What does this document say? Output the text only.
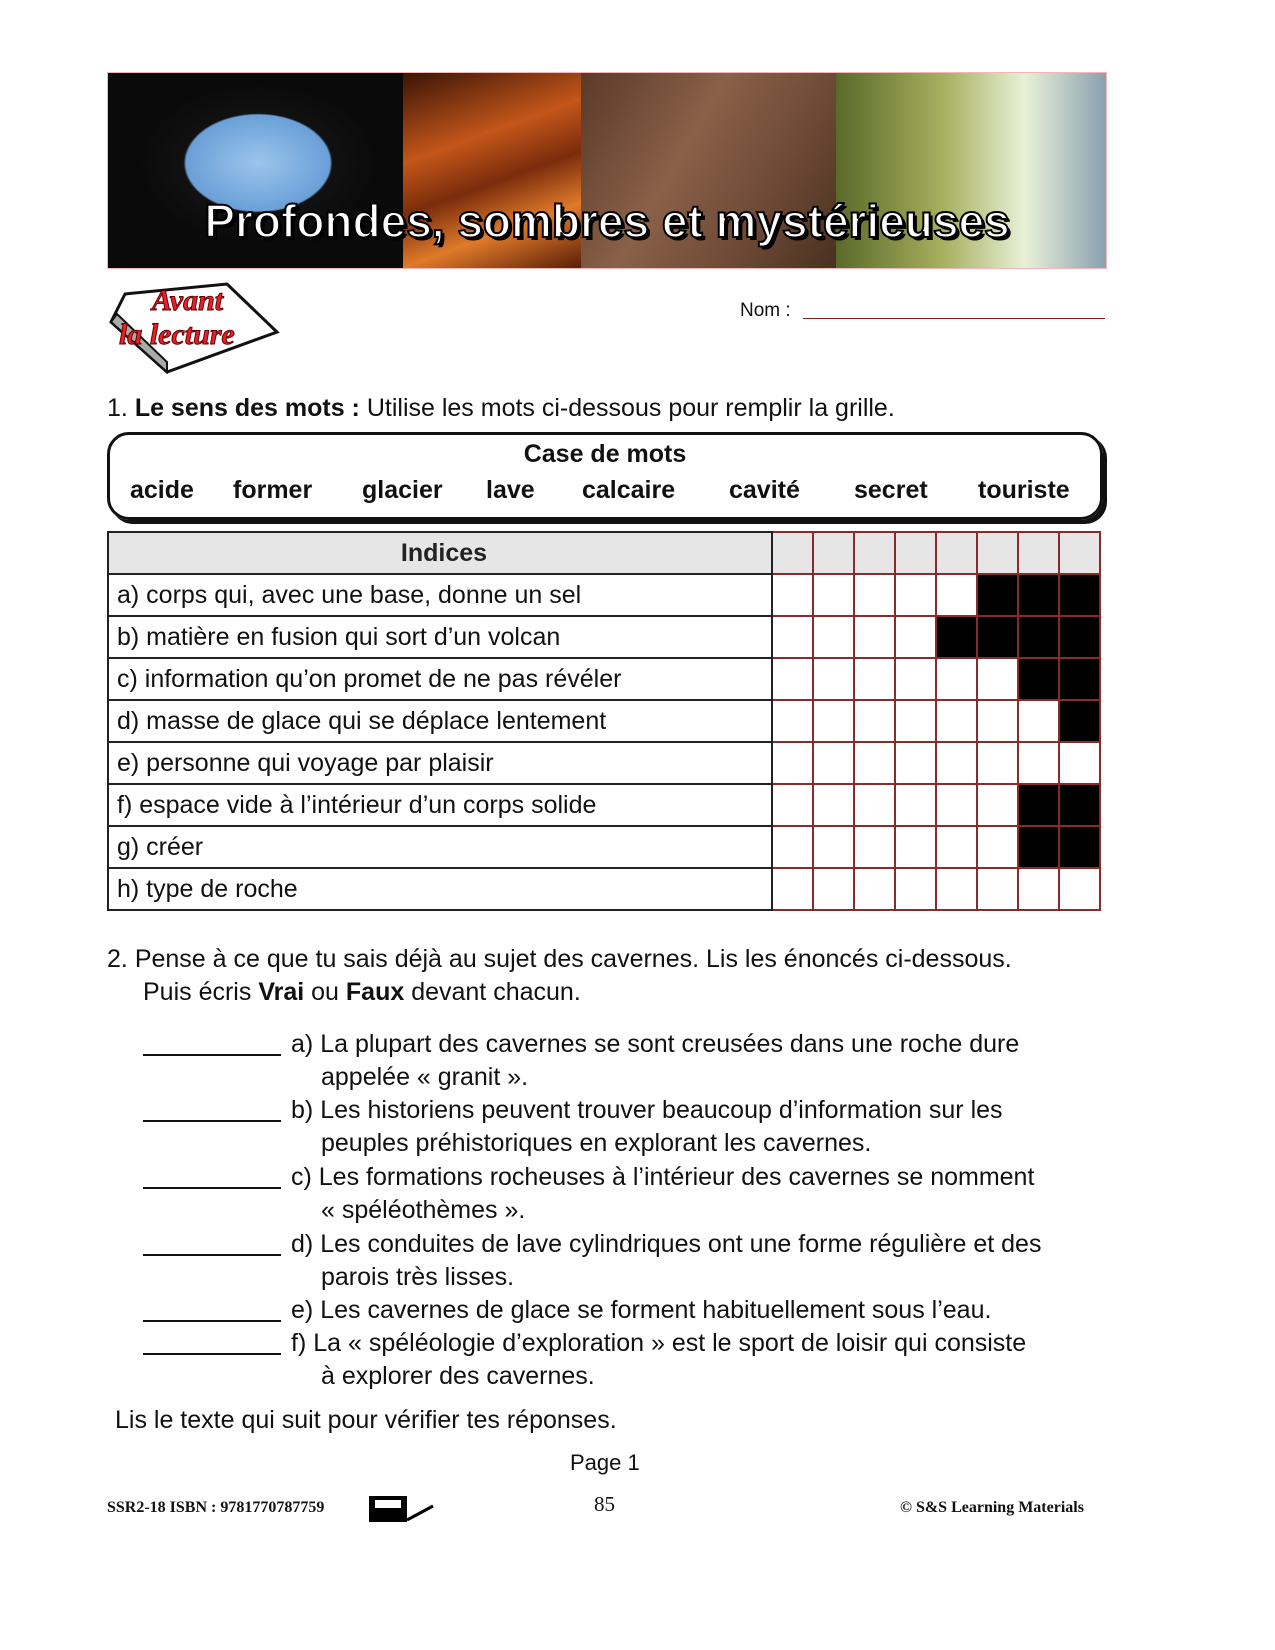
Profondes, sombres et mystérieuses
Avant
la lecture
Nom :
1. Le sens des mots : Utilise les mots ci-dessous pour remplir la grille.
Case de mots
acide former glacier lave calcaire cavité secret touriste
Indices								
a) corps qui, avec une base, donne un sel								
b) matière en fusion qui sort d’un volcan								
c) information qu’on promet de ne pas révéler								
d) masse de glace qui se déplace lentement								
e) personne qui voyage par plaisir								
f) espace vide à l’intérieur d’un corps solide								
g) créer								
h) type de roche								
2. Pense à ce que tu sais déjà au sujet des cavernes. Lis les énoncés ci-dessous.
Puis écris Vrai ou Faux devant chacun.
a) La plupart des cavernes se sont creusées dans une roche dure
appelée « granit ».
b) Les historiens peuvent trouver beaucoup d’information sur les
peuples préhistoriques en explorant les cavernes.
c) Les formations rocheuses à l’intérieur des cavernes se nomment
« spéléothèmes ».
d) Les conduites de lave cylindriques ont une forme régulière et des
parois très lisses.
e) Les cavernes de glace se forment habituellement sous l’eau.
f) La « spéléologie d’exploration » est le sport de loisir qui consiste
à explorer des cavernes.
Lis le texte qui suit pour vérifier tes réponses.
Page 1
SSR2-18 ISBN : 9781770787759	85	© S&S Learning Materials
